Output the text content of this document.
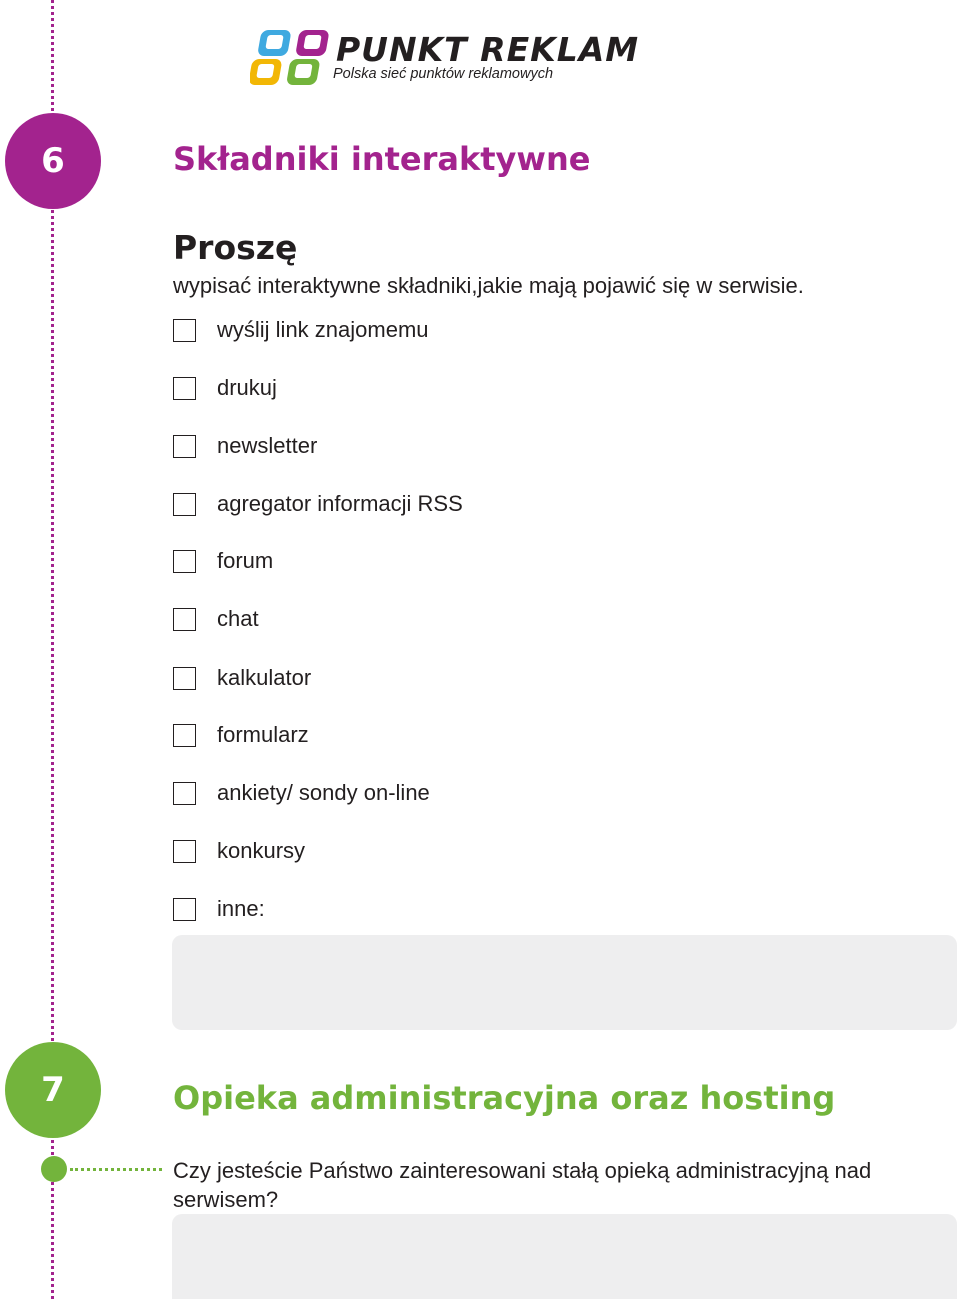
PUNKT REKLAM
Polska sieć punktów reklamowych
6	Składniki interaktywne
Proszę
wypisać interaktywne składniki,jakie mają pojawić się w serwisie.
wyślij link znajomemu
drukuj
newsletter
agregator informacji RSS
forum
chat
kalkulator
formularz
ankiety/ sondy on-line
konkursy
inne:
7	Opieka administracyjna oraz hosting
Czy jesteście Państwo zainteresowani stałą opieką administracyjną nad serwisem?
